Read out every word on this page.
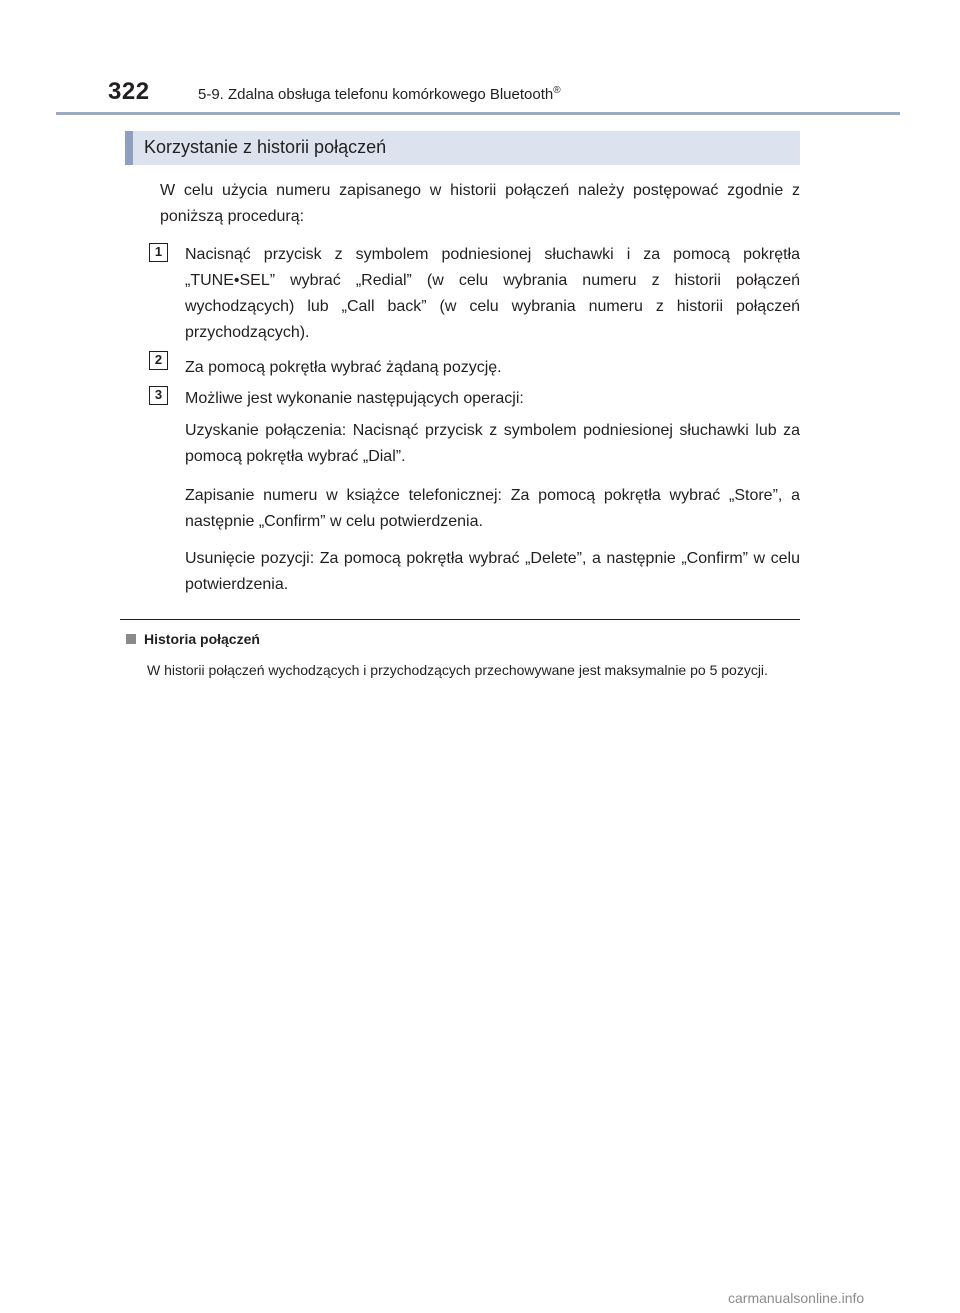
322	5-9. Zdalna obsługa telefonu komórkowego Bluetooth®
Korzystanie z historii połączeń
W celu użycia numeru zapisanego w historii połączeń należy postępować zgodnie z poniższą procedurą:
1	Nacisnąć przycisk z symbolem podniesionej słuchawki i za pomocą pokrętła „TUNE•SEL” wybrać „Redial” (w celu wybrania numeru z historii połączeń wychodzących) lub „Call back” (w celu wybrania numeru z historii połączeń przychodzących).
2	Za pomocą pokrętła wybrać żądaną pozycję.
3	Możliwe jest wykonanie następujących operacji:
Uzyskanie połączenia: Nacisnąć przycisk z symbolem podniesionej słuchawki lub za pomocą pokrętła wybrać „Dial”.
Zapisanie numeru w książce telefonicznej: Za pomocą pokrętła wybrać „Store”, a następnie „Confirm” w celu potwierdzenia.
Usunięcie pozycji: Za pomocą pokrętła wybrać „Delete”, a następnie „Confirm” w celu potwierdzenia.
Historia połączeń
W historii połączeń wychodzących i przychodzących przechowywane jest maksymalnie po 5 pozycji.
carmanualsonline.info
